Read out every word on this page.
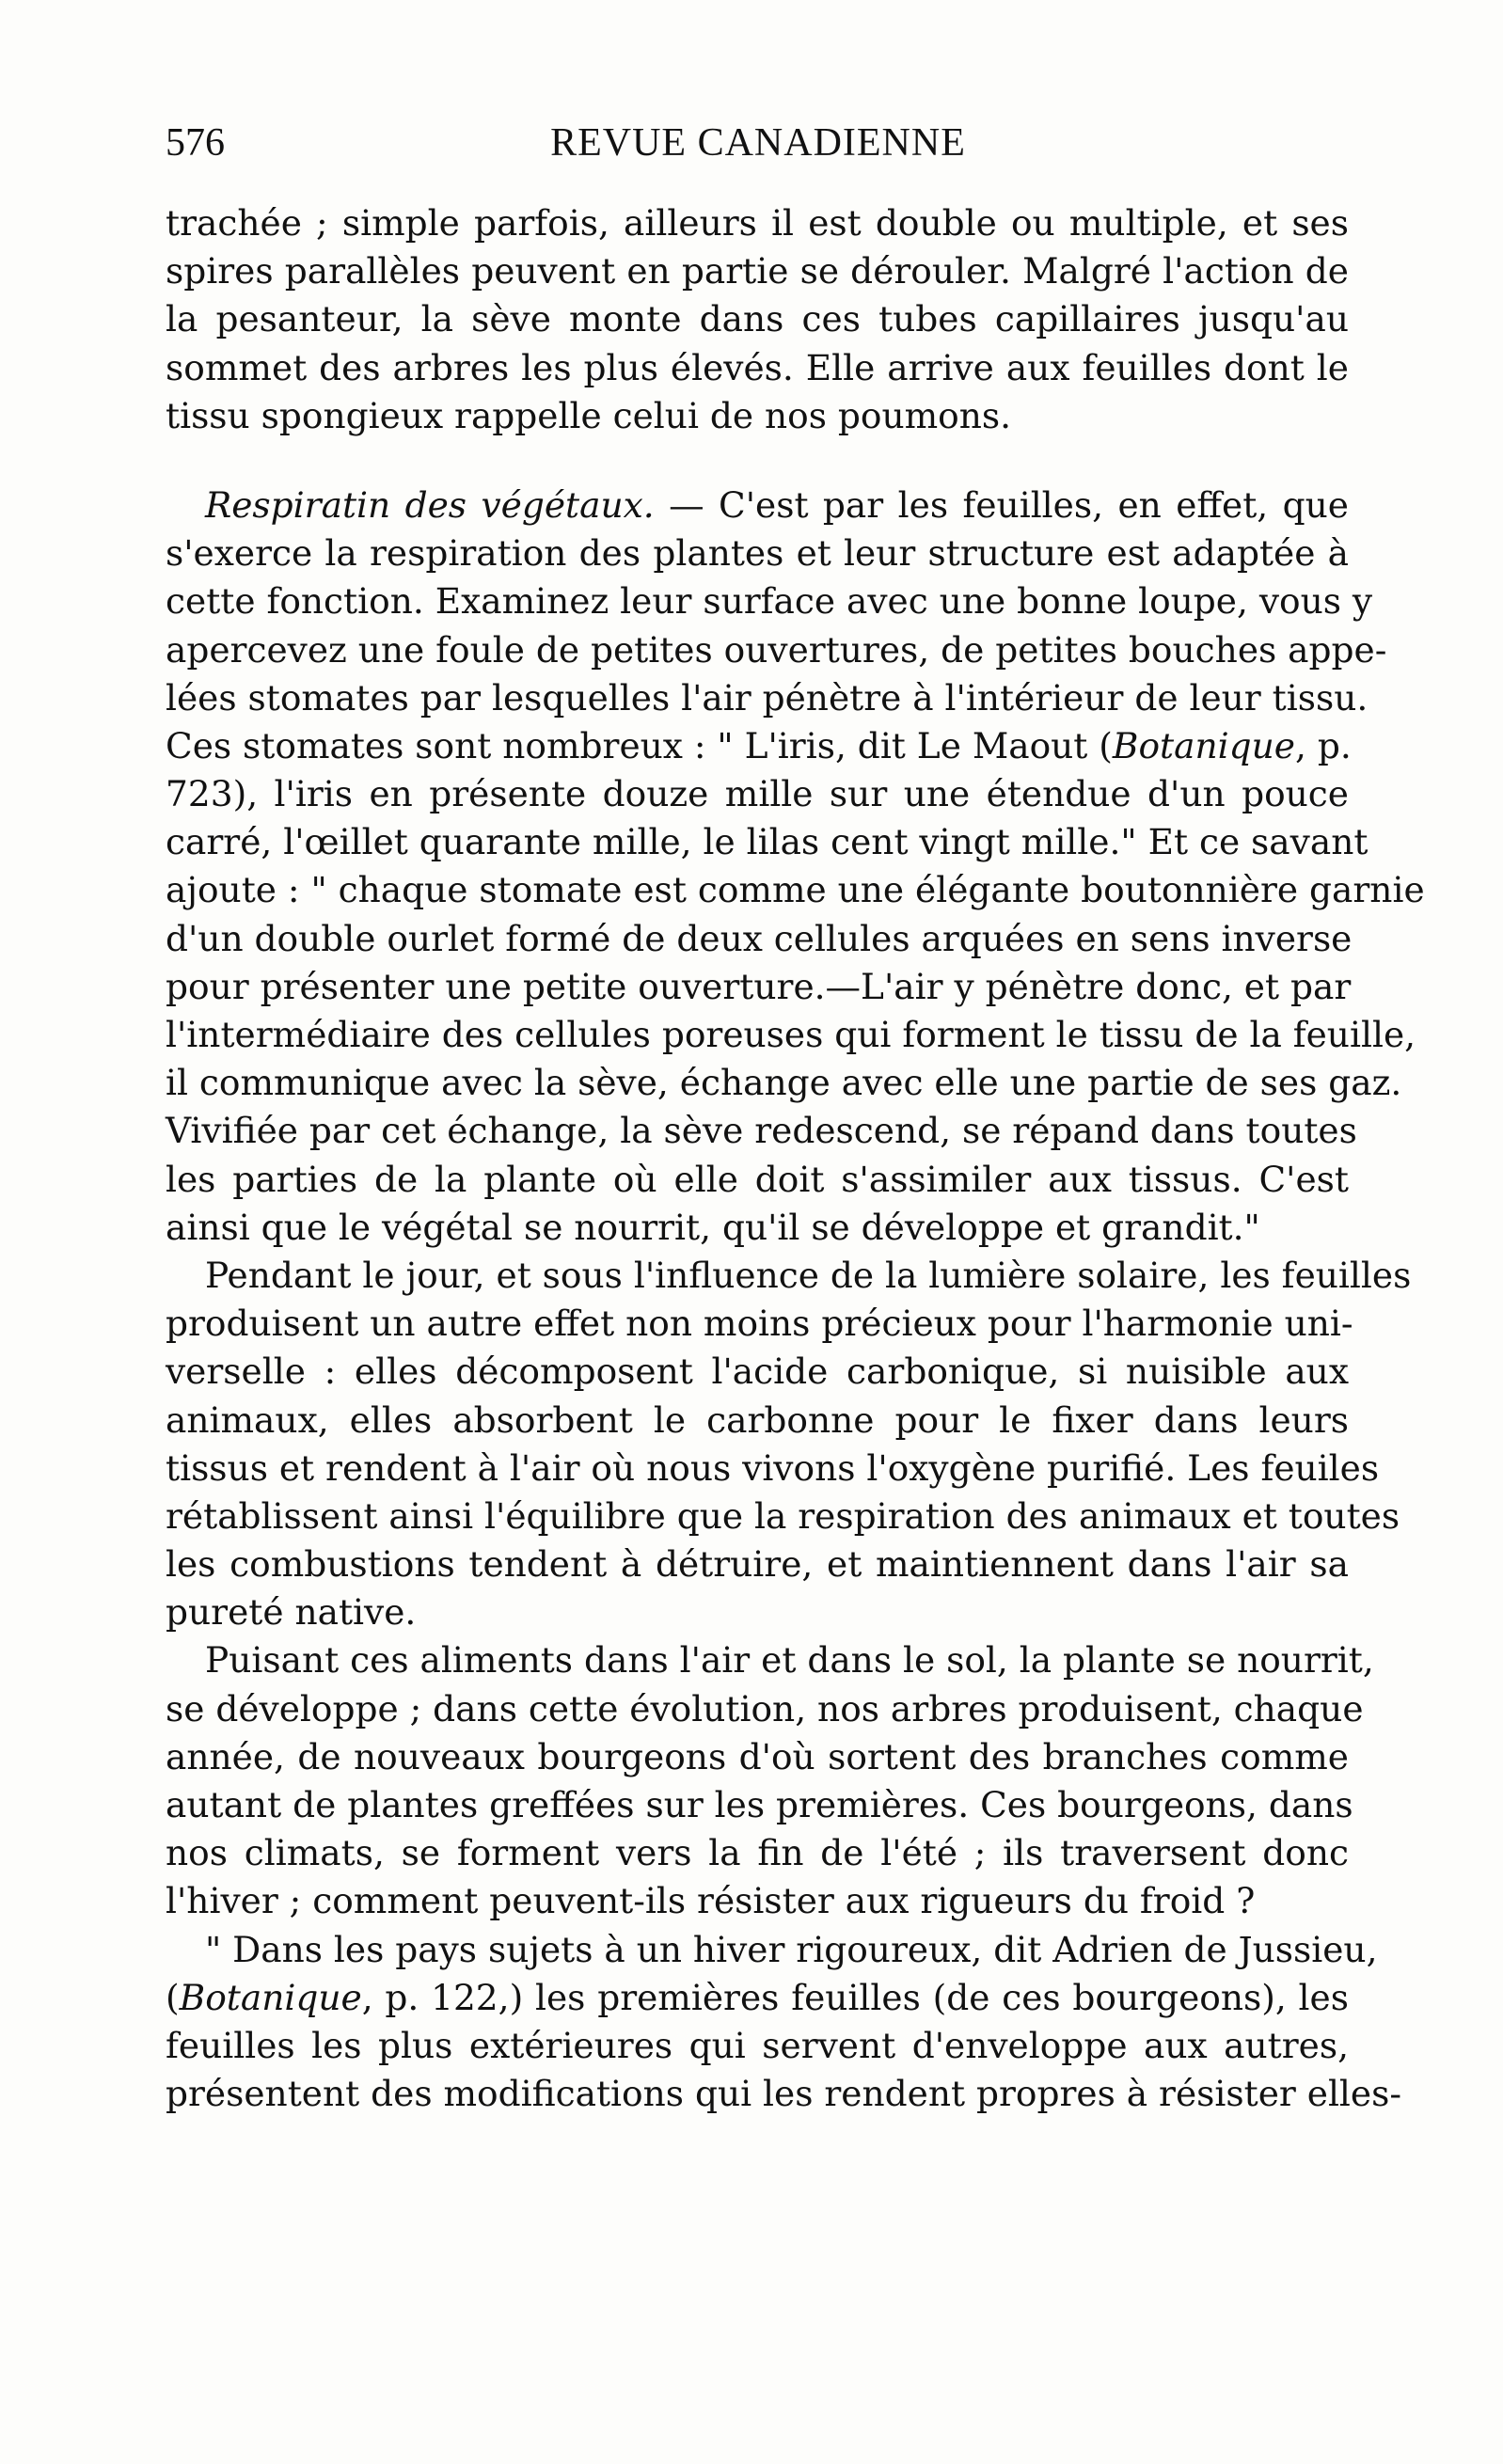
576	REVUE CANADIENNE
trachée ; simple parfois, ailleurs il est double ou multiple, et ses
spires parallèles peuvent en partie se dérouler. Malgré l'action de
la pesanteur, la sève monte dans ces tubes capillaires jusqu'au
sommet des arbres les plus élevés. Elle arrive aux feuilles dont le
tissu spongieux rappelle celui de nos poumons.
Respiratin des végétaux. — C'est par les feuilles, en effet, que
s'exerce la respiration des plantes et leur structure est adaptée à
cette fonction. Examinez leur surface avec une bonne loupe, vous y
apercevez une foule de petites ouvertures, de petites bouches appe-
lées stomates par lesquelles l'air pénètre à l'intérieur de leur tissu.
Ces stomates sont nombreux : " L'iris, dit Le Maout (Botanique, p.
723), l'iris en présente douze mille sur une étendue d'un pouce
carré, l'œillet quarante mille, le lilas cent vingt mille." Et ce savant
ajoute : " chaque stomate est comme une élégante boutonnière garnie
d'un double ourlet formé de deux cellules arquées en sens inverse
pour présenter une petite ouverture.—L'air y pénètre donc, et par
l'intermédiaire des cellules poreuses qui forment le tissu de la feuille,
il communique avec la sève, échange avec elle une partie de ses gaz.
Vivifiée par cet échange, la sève redescend, se répand dans toutes
les parties de la plante où elle doit s'assimiler aux tissus. C'est
ainsi que le végétal se nourrit, qu'il se développe et grandit."
Pendant le jour, et sous l'influence de la lumière solaire, les feuilles
produisent un autre effet non moins précieux pour l'harmonie uni-
verselle : elles décomposent l'acide carbonique, si nuisible aux
animaux, elles absorbent le carbonne pour le fixer dans leurs
tissus et rendent à l'air où nous vivons l'oxygène purifié. Les feuiles
rétablissent ainsi l'équilibre que la respiration des animaux et toutes
les combustions tendent à détruire, et maintiennent dans l'air sa
pureté native.
Puisant ces aliments dans l'air et dans le sol, la plante se nourrit,
se développe ; dans cette évolution, nos arbres produisent, chaque
année, de nouveaux bourgeons d'où sortent des branches comme
autant de plantes greffées sur les premières. Ces bourgeons, dans
nos climats, se forment vers la fin de l'été ; ils traversent donc
l'hiver ; comment peuvent-ils résister aux rigueurs du froid ?
" Dans les pays sujets à un hiver rigoureux, dit Adrien de Jussieu,
(Botanique, p. 122,) les premières feuilles (de ces bourgeons), les
feuilles les plus extérieures qui servent d'enveloppe aux autres,
présentent des modifications qui les rendent propres à résister elles-
